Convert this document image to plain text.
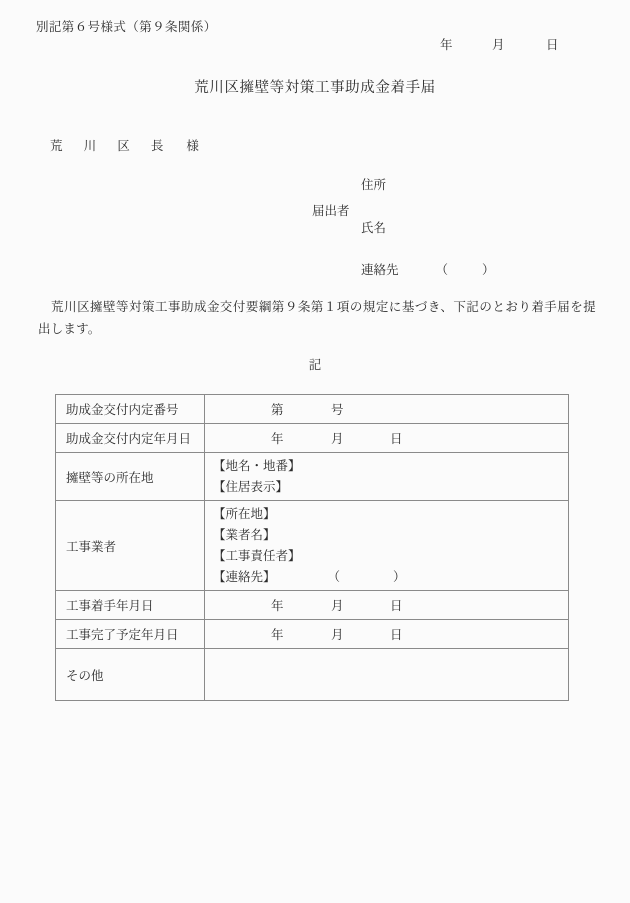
別記第６号様式（第９条関係）
年	月	日
荒川区擁壁等対策工事助成金着手届
荒 川 区 長 様
届出者
住所
氏名
連絡先	（	）
荒川区擁壁等対策工事助成金交付要綱第９条第１項の規定に基づき、下記のとおり着手届を提出します。
記
助成金交付内定番号	第 号

助成金交付内定年月日	年 月 日

擁壁等の所在地	【地名・地番】
【住居表示】

工事業者	【所在地】
【業者名】
【工事責任者】
【連絡先】 （ ）

工事着手年月日	年 月 日

工事完了予定年月日	年 月 日

その他	
